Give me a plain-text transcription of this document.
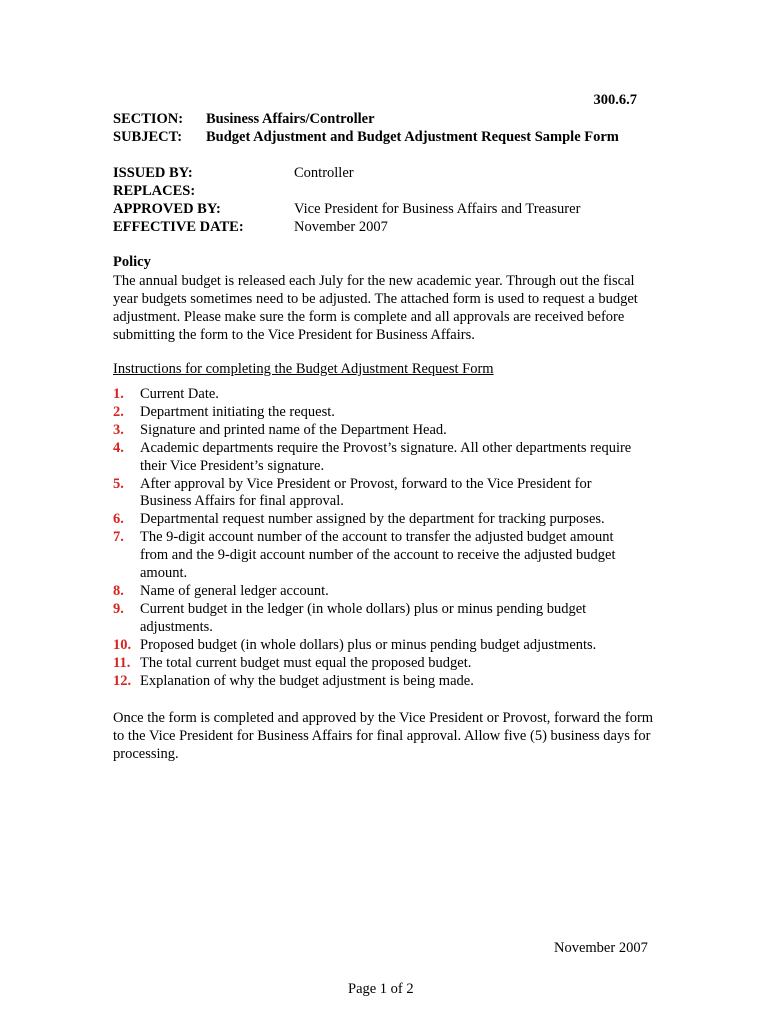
300.6.7
SECTION: Business Affairs/Controller
SUBJECT: Budget Adjustment and Budget Adjustment Request Sample Form
ISSUED BY:	Controller
REPLACES:
APPROVED BY:	Vice President for Business Affairs and Treasurer
EFFECTIVE DATE:	November 2007
Policy
The annual budget is released each July for the new academic year. Through out the fiscal year budgets sometimes need to be adjusted. The attached form is used to request a budget adjustment. Please make sure the form is complete and all approvals are received before submitting the form to the Vice President for Business Affairs.
Instructions for completing the Budget Adjustment Request Form
1. Current Date.
2. Department initiating the request.
3. Signature and printed name of the Department Head.
4. Academic departments require the Provost’s signature. All other departments require their Vice President’s signature.
5. After approval by Vice President or Provost, forward to the Vice President for Business Affairs for final approval.
6. Departmental request number assigned by the department for tracking purposes.
7. The 9-digit account number of the account to transfer the adjusted budget amount from and the 9-digit account number of the account to receive the adjusted budget amount.
8. Name of general ledger account.
9. Current budget in the ledger (in whole dollars) plus or minus pending budget adjustments.
10. Proposed budget (in whole dollars) plus or minus pending budget adjustments.
11. The total current budget must equal the proposed budget.
12. Explanation of why the budget adjustment is being made.
Once the form is completed and approved by the Vice President or Provost, forward the form to the Vice President for Business Affairs for final approval. Allow five (5) business days for processing.
November 2007
Page 1 of 2
